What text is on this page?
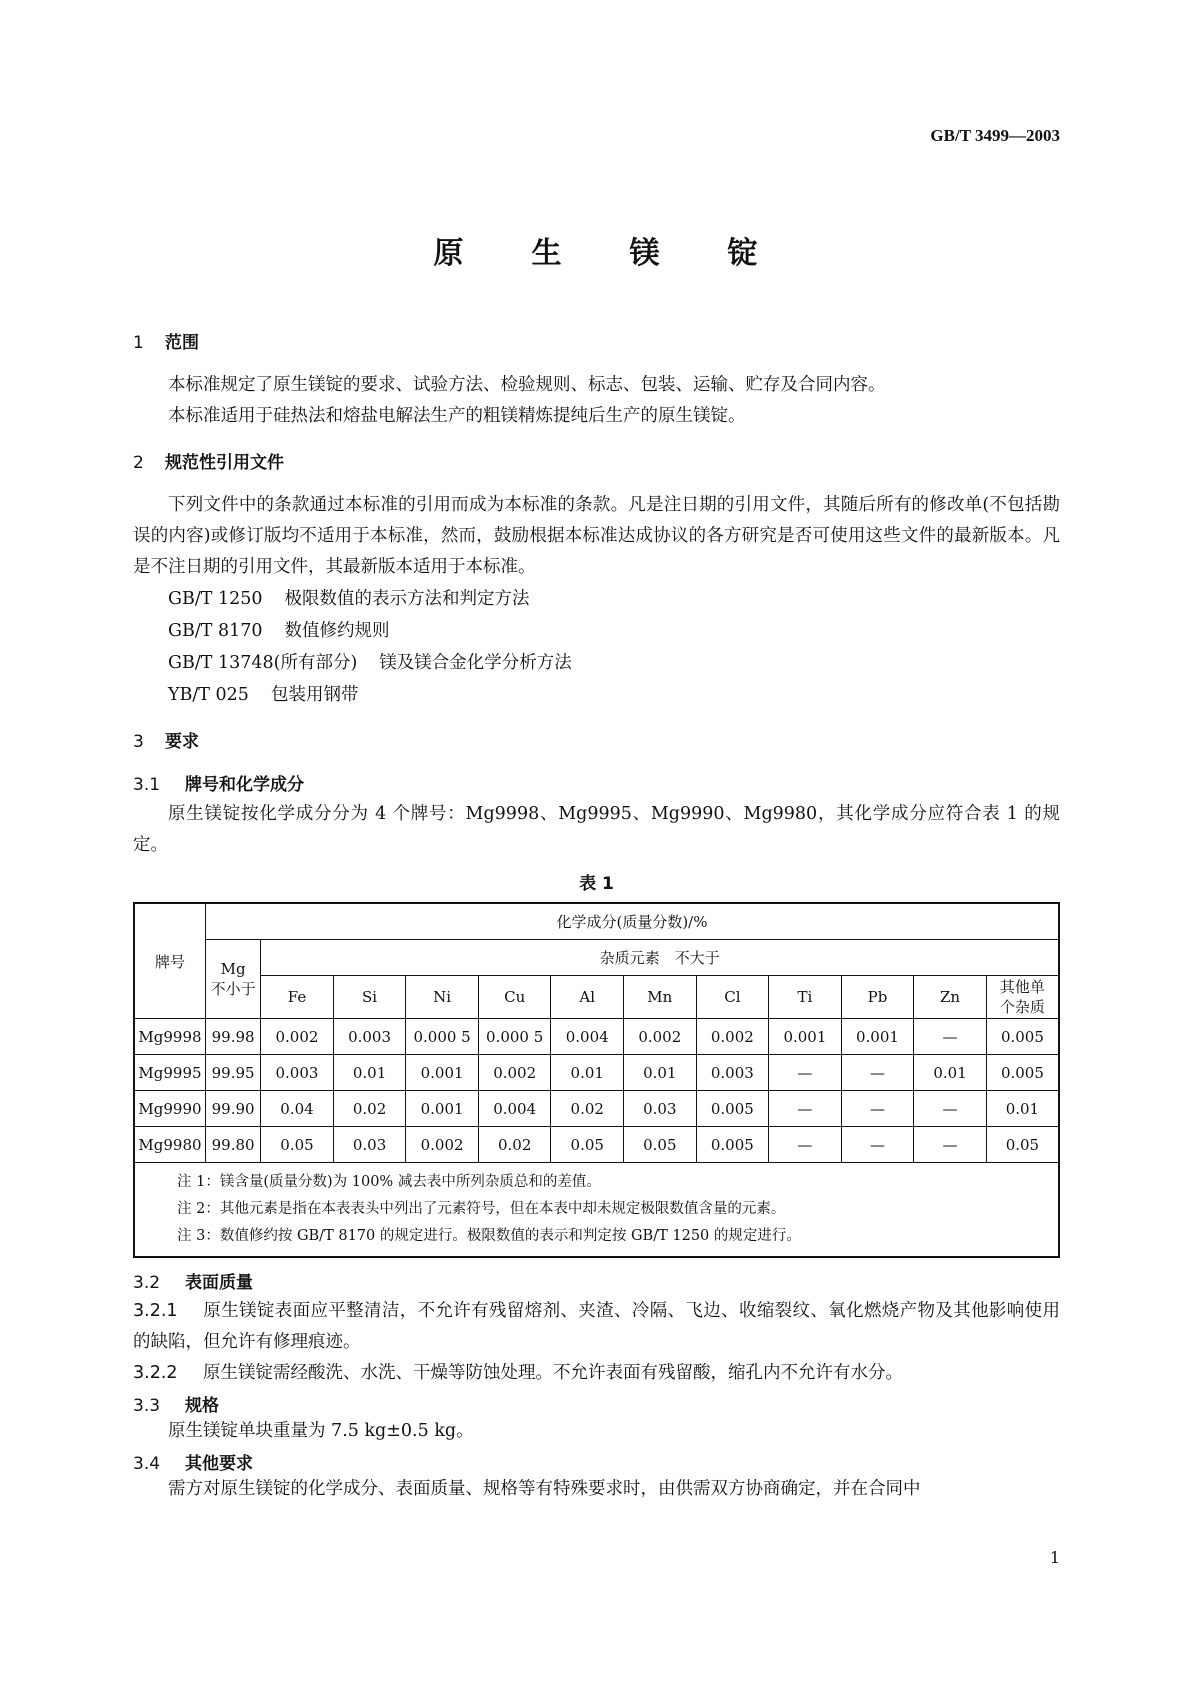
GB/T 3499—2003
原生镁锭

1 范围

本标准规定了原生镁锭的要求、试验方法、检验规则、标志、包装、运输、贮存及合同内容。

本标准适用于硅热法和熔盐电解法生产的粗镁精炼提纯后生产的原生镁锭。

2 规范性引用文件

下列文件中的条款通过本标准的引用而成为本标准的条款。凡是注日期的引用文件，其随后所有的修改单(不包括勘误的内容)或修订版均不适用于本标准，然而，鼓励根据本标准达成协议的各方研究是否可使用这些文件的最新版本。凡是不注日期的引用文件，其最新版本适用于本标准。

GB/T 1250 极限数值的表示方法和判定方法

GB/T 8170 数值修约规则

GB/T 13748(所有部分) 镁及镁合金化学分析方法

YB/T 025 包装用钢带

3 要求

3.1 牌号和化学成分

原生镁锭按化学成分分为 4 个牌号：Mg9998、Mg9995、Mg9990、Mg9980，其化学成分应符合表 1 的规定。

表 1
牌号	化学成分(质量分数)/%											
	Mg
不小于	杂质元素　不大于										
		Fe	Si	Ni	Cu	Al	Mn	Cl	Ti	Pb	Zn	其他单
个杂质
Mg9998	99.98	0.002	0.003	0.000 5	0.000 5	0.004	0.002	0.002	0.001	0.001	—	0.005
Mg9995	99.95	0.003	0.01	0.001	0.002	0.01	0.01	0.003	—	—	0.01	0.005
Mg9990	99.90	0.04	0.02	0.001	0.004	0.02	0.03	0.005	—	—	—	0.01
Mg9980	99.80	0.05	0.03	0.002	0.02	0.05	0.05	0.005	—	—	—	0.05

注 1：镁含量(质量分数)为 100% 减去表中所列杂质总和的差值。
注 2：其他元素是指在本表表头中列出了元素符号，但在本表中却未规定极限数值含量的元素。
注 3：数值修约按 GB/T 8170 的规定进行。极限数值的表示和判定按 GB/T 1250 的规定进行。												

3.2 表面质量

3.2.1 原生镁锭表面应平整清洁，不允许有残留熔剂、夹渣、冷隔、飞边、收缩裂纹、氧化燃烧产物及其他影响使用的缺陷，但允许有修理痕迹。

3.2.2 原生镁锭需经酸洗、水洗、干燥等防蚀处理。不允许表面有残留酸，缩孔内不允许有水分。

3.3 规格

原生镁锭单块重量为 7.5 kg±0.5 kg。

3.4 其他要求

需方对原生镁锭的化学成分、表面质量、规格等有特殊要求时，由供需双方协商确定，并在合同中

1
